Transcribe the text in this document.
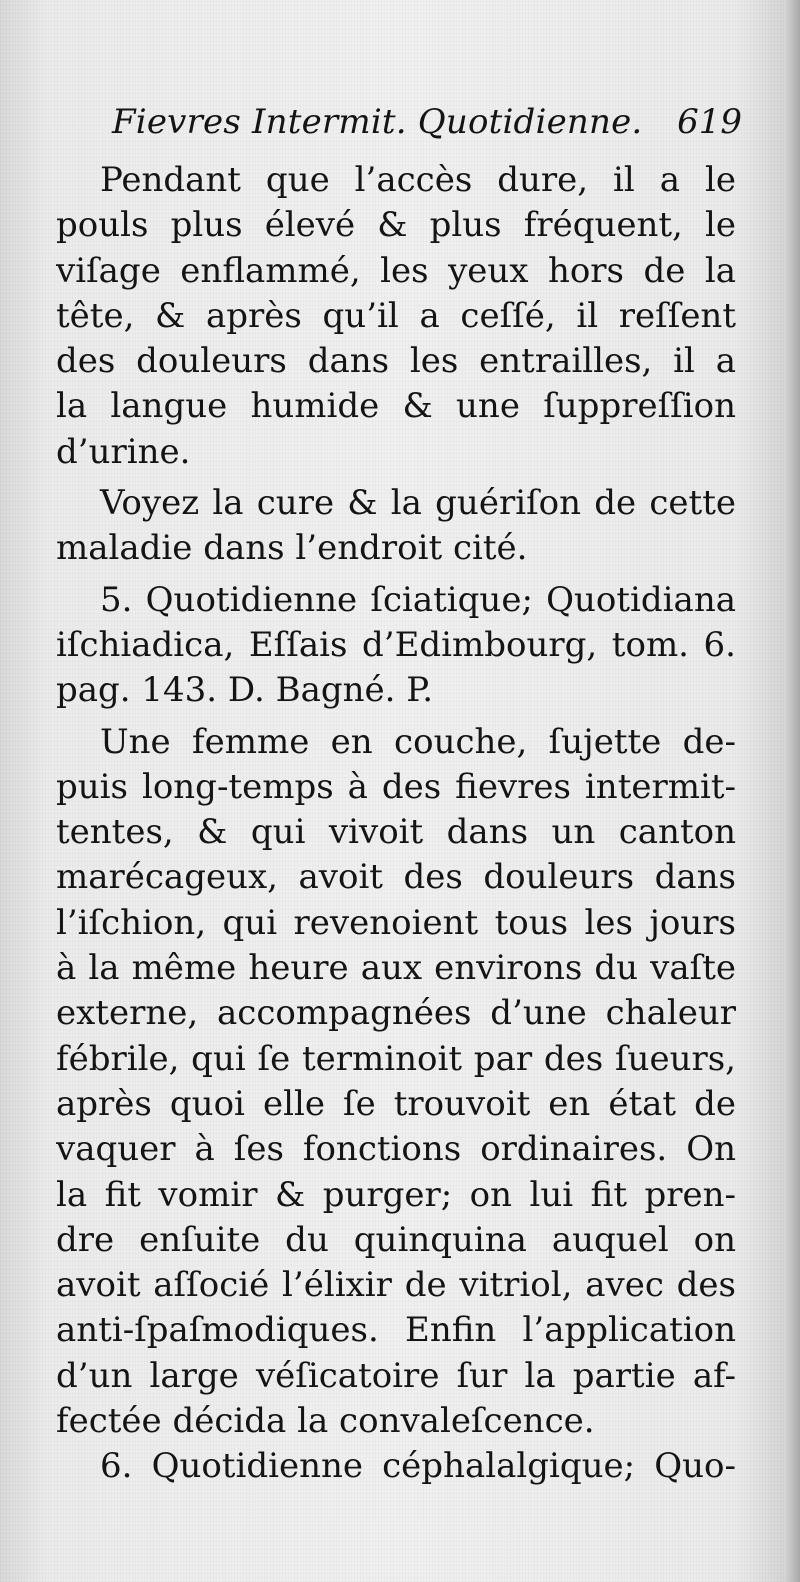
Fievres Intermit. Quotidienne. 619
Pendant que l’accès dure, il a le
pouls plus élevé & plus fréquent, le
viſage enflammé, les yeux hors de la
tête, & après qu’il a ceſſé, il reſſent
des douleurs dans les entrailles, il a
la langue humide & une ſuppreſſion
d’urine.
Voyez la cure & la guériſon de cette
maladie dans l’endroit cité.
5. Quotidienne ſciatique; Quotidiana
iſchiadica, Eſſais d’Edimbourg, tom. 6.
pag. 143. D. Bagné. P.
Une femme en couche, ſujette de-
puis long-temps à des fievres intermit-
tentes, & qui vivoit dans un canton
marécageux, avoit des douleurs dans
l’iſchion, qui revenoient tous les jours
à la même heure aux environs du vaſte
externe, accompagnées d’une chaleur
fébrile, qui ſe terminoit par des ſueurs,
après quoi elle ſe trouvoit en état de
vaquer à ſes fonctions ordinaires. On
la fit vomir & purger; on lui fit pren-
dre enſuite du quinquina auquel on
avoit aſſocié l’élixir de vitriol, avec des
anti-ſpaſmodiques. Enfin l’application
d’un large véſicatoire ſur la partie af-
fectée décida la convaleſcence.
6. Quotidienne céphalalgique; Quo-
